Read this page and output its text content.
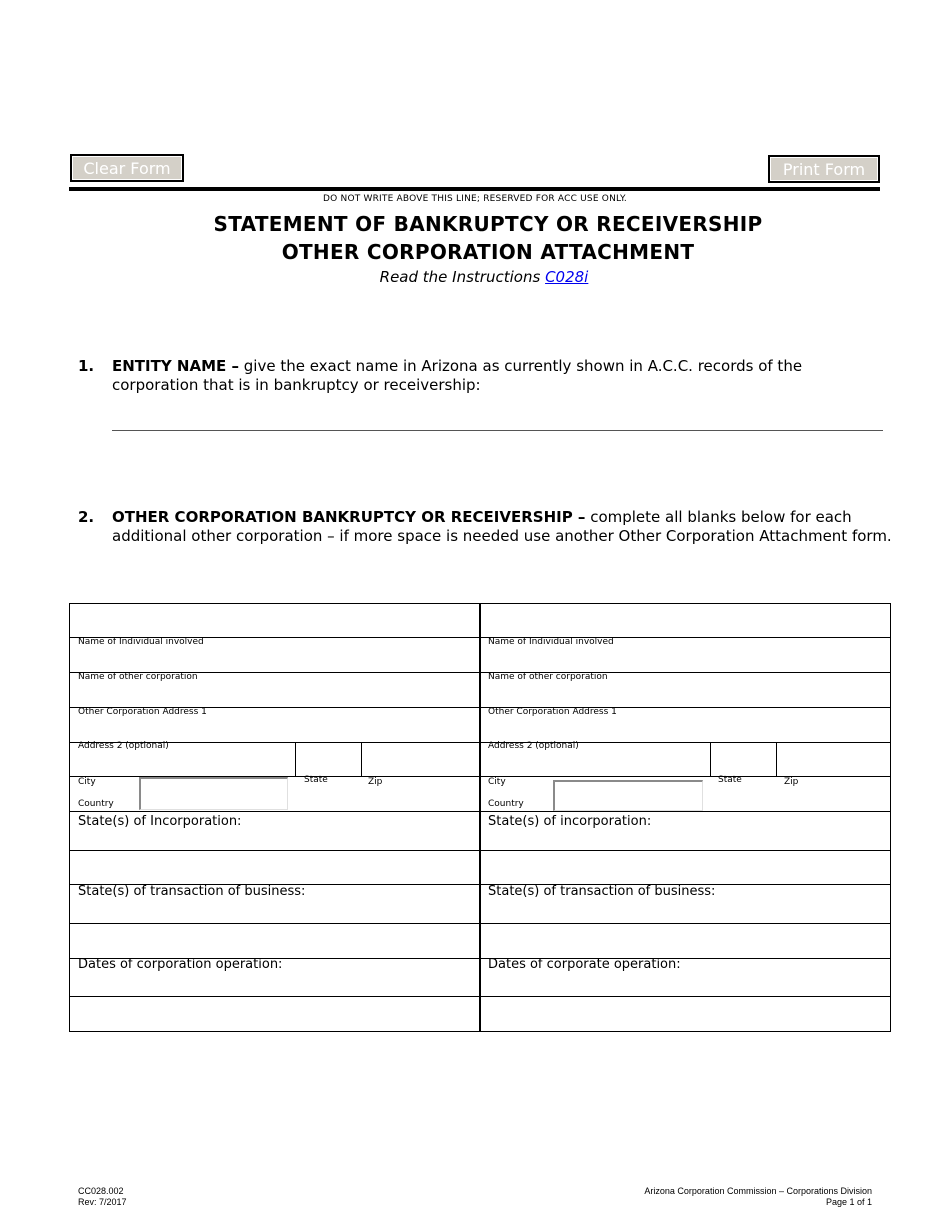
Clear Form	Print Form
DO NOT WRITE ABOVE THIS LINE; RESERVED FOR ACC USE ONLY.
STATEMENT OF BANKRUPTCY OR RECEIVERSHIP
OTHER CORPORATION ATTACHMENT
Read the Instructions C028i
1. ENTITY NAME – give the exact name in Arizona as currently shown in A.C.C. records of the corporation that is in bankruptcy or receivership:
2. OTHER CORPORATION BANKRUPTCY OR RECEIVERSHIP – complete all blanks below for each additional other corporation – if more space is needed use another Other Corporation Attachment form.
Name of Individual involved
Name of other corporation
Other Corporation Address 1
Address 2 (optional)
City	State	Zip
Country
State(s) of Incorporation:
State(s) of transaction of business:
Dates of corporation operation:
Name of Individual involved
Name of other corporation
Other Corporation Address 1
Address 2 (optional)
City	State	Zip
Country
State(s) of incorporation:
State(s) of transaction of business:
Dates of corporate operation:
CC028.002
Rev: 7/2017
Arizona Corporation Commission – Corporations Division
Page 1 of 1
